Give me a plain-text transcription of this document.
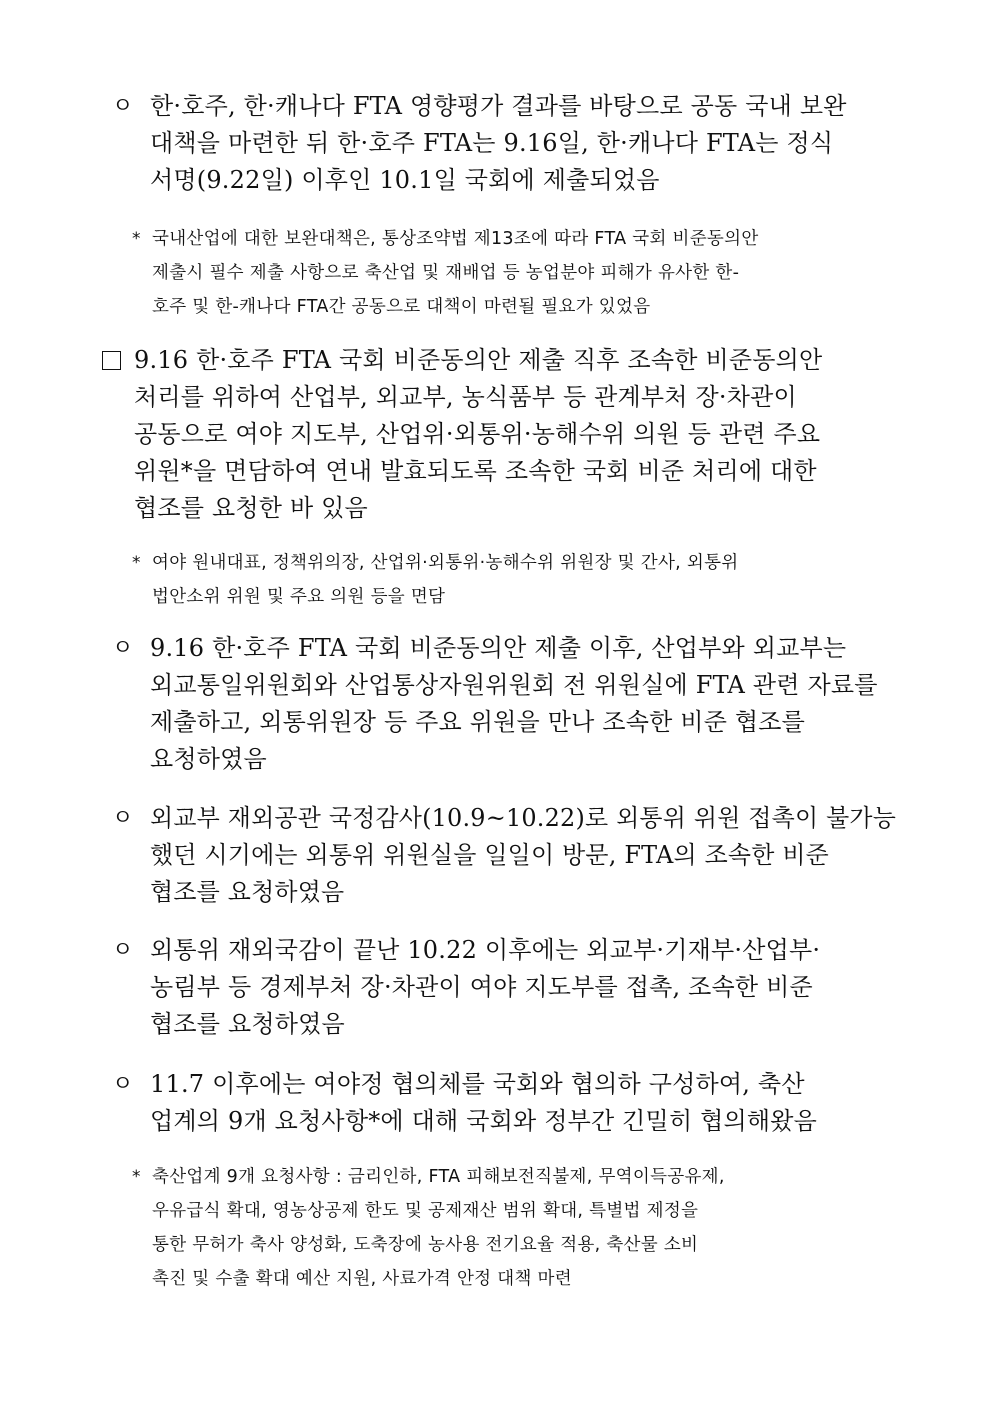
ㅇ 한·호주, 한·캐나다 FTA 영향평가 결과를 바탕으로 공동 국내 보완
대책을 마련한 뒤 한·호주 FTA는 9.16일, 한·캐나다 FTA는 정식
서명(9.22일) 이후인 10.1일 국회에 제출되었음
* 국내산업에 대한 보완대책은, 통상조약법 제13조에 따라 FTA 국회 비준동의안
제출시 필수 제출 사항으로 축산업 및 재배업 등 농업분야 피해가 유사한 한-
호주 및 한-캐나다 FTA간 공동으로 대책이 마련될 필요가 있었음
9.16 한·호주 FTA 국회 비준동의안 제출 직후 조속한 비준동의안
처리를 위하여 산업부, 외교부, 농식품부 등 관계부처 장·차관이
공동으로 여야 지도부, 산업위·외통위·농해수위 의원 등 관련 주요
위원*을 면담하여 연내 발효되도록 조속한 국회 비준 처리에 대한
협조를 요청한 바 있음
* 여야 원내대표, 정책위의장, 산업위·외통위·농해수위 위원장 및 간사, 외통위
법안소위 위원 및 주요 의원 등을 면담
ㅇ 9.16 한·호주 FTA 국회 비준동의안 제출 이후, 산업부와 외교부는
외교통일위원회와 산업통상자원위원회 전 위원실에 FTA 관련 자료를
제출하고, 외통위원장 등 주요 위원을 만나 조속한 비준 협조를
요청하였음
ㅇ 외교부 재외공관 국정감사(10.9~10.22)로 외통위 위원 접촉이 불가능
했던 시기에는 외통위 위원실을 일일이 방문, FTA의 조속한 비준
협조를 요청하였음
ㅇ 외통위 재외국감이 끝난 10.22 이후에는 외교부·기재부·산업부·
농림부 등 경제부처 장·차관이 여야 지도부를 접촉, 조속한 비준
협조를 요청하였음
ㅇ 11.7 이후에는 여야정 협의체를 국회와 협의하 구성하여, 축산
업계의 9개 요청사항*에 대해 국회와 정부간 긴밀히 협의해왔음
* 축산업계 9개 요청사항 : 금리인하, FTA 피해보전직불제, 무역이득공유제,
우유급식 확대, 영농상공제 한도 및 공제재산 범위 확대, 특별법 제정을
통한 무허가 축사 양성화, 도축장에 농사용 전기요율 적용, 축산물 소비
촉진 및 수출 확대 예산 지원, 사료가격 안정 대책 마련
